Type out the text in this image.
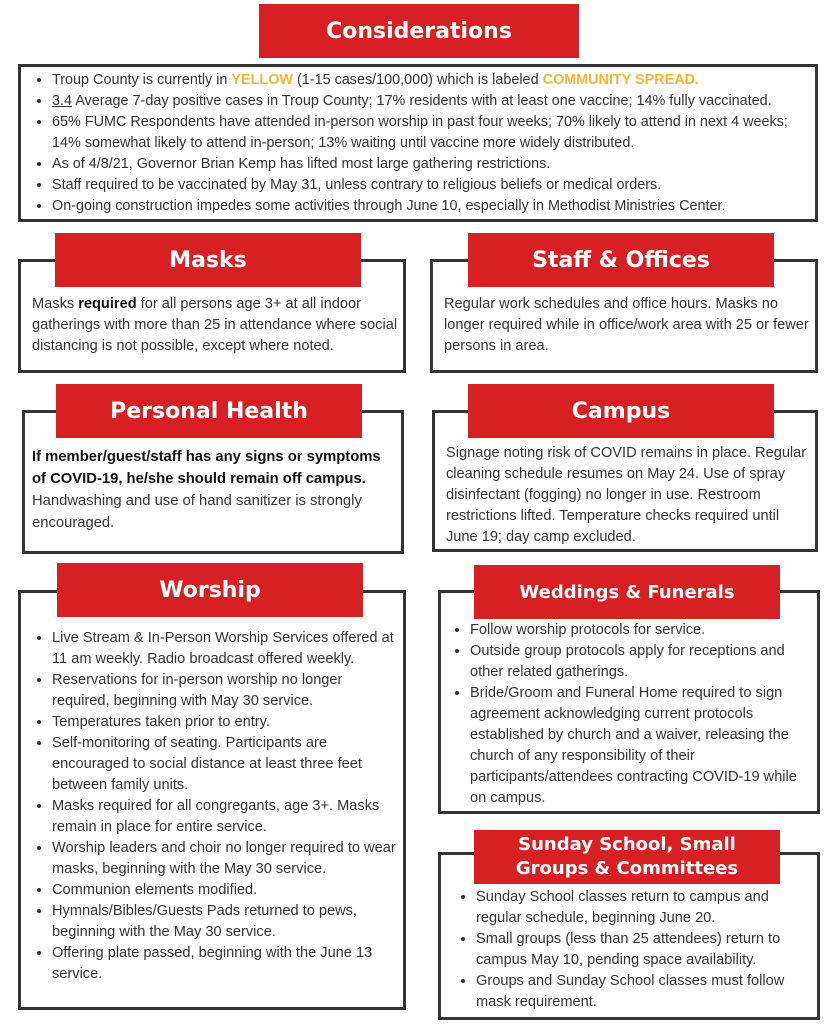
Considerations
• Troup County is currently in YELLOW (1-15 cases/100,000) which is labeled COMMUNITY SPREAD.
• 3.4 Average 7-day positive cases in Troup County; 17% residents with at least one vaccine; 14% fully vaccinated.
• 65% FUMC Respondents have attended in-person worship in past four weeks; 70% likely to attend in next 4 weeks; 14% somewhat likely to attend in-person; 13% waiting until vaccine more widely distributed.
• As of 4/8/21, Governor Brian Kemp has lifted most large gathering restrictions.
• Staff required to be vaccinated by May 31, unless contrary to religious beliefs or medical orders.
• On-going construction impedes some activities through June 10, especially in Methodist Ministries Center.
Masks

Masks required for all persons age 3+ at all indoor gatherings with more than 25 in attendance where social distancing is not possible, except where noted.

Staff & Offices

Regular work schedules and office hours. Masks no longer required while in office/work area with 25 or fewer persons in area.

Personal Health

If member/guest/staff has any signs or symptoms of COVID-19, he/she should remain off campus. Handwashing and use of hand sanitizer is strongly encouraged.

Campus

Signage noting risk of COVID remains in place. Regular cleaning schedule resumes on May 24. Use of spray disinfectant (fogging) no longer in use. Restroom restrictions lifted. Temperature checks required until June 19; day camp excluded.

Worship
• Live Stream & In-Person Worship Services offered at 11 am weekly. Radio broadcast offered weekly.
• Reservations for in-person worship no longer required, beginning with May 30 service.
• Temperatures taken prior to entry.
• Self-monitoring of seating. Participants are encouraged to social distance at least three feet between family units.
• Masks required for all congregants, age 3+. Masks remain in place for entire service.
• Worship leaders and choir no longer required to wear masks, beginning with the May 30 service.
• Communion elements modified.
• Hymnals/Bibles/Guests Pads returned to pews, beginning with the May 30 service.
• Offering plate passed, beginning with the June 13 service.
Weddings & Funerals
• Follow worship protocols for service.
• Outside group protocols apply for receptions and other related gatherings.
• Bride/Groom and Funeral Home required to sign agreement acknowledging current protocols established by church and a waiver, releasing the church of any responsibility of their participants/attendees contracting COVID-19 while on campus.
Sunday School, Small
Groups & Committees
• Sunday School classes return to campus and regular schedule, beginning June 20.
• Small groups (less than 25 attendees) return to campus May 10, pending space availability.
• Groups and Sunday School classes must follow mask requirement.
